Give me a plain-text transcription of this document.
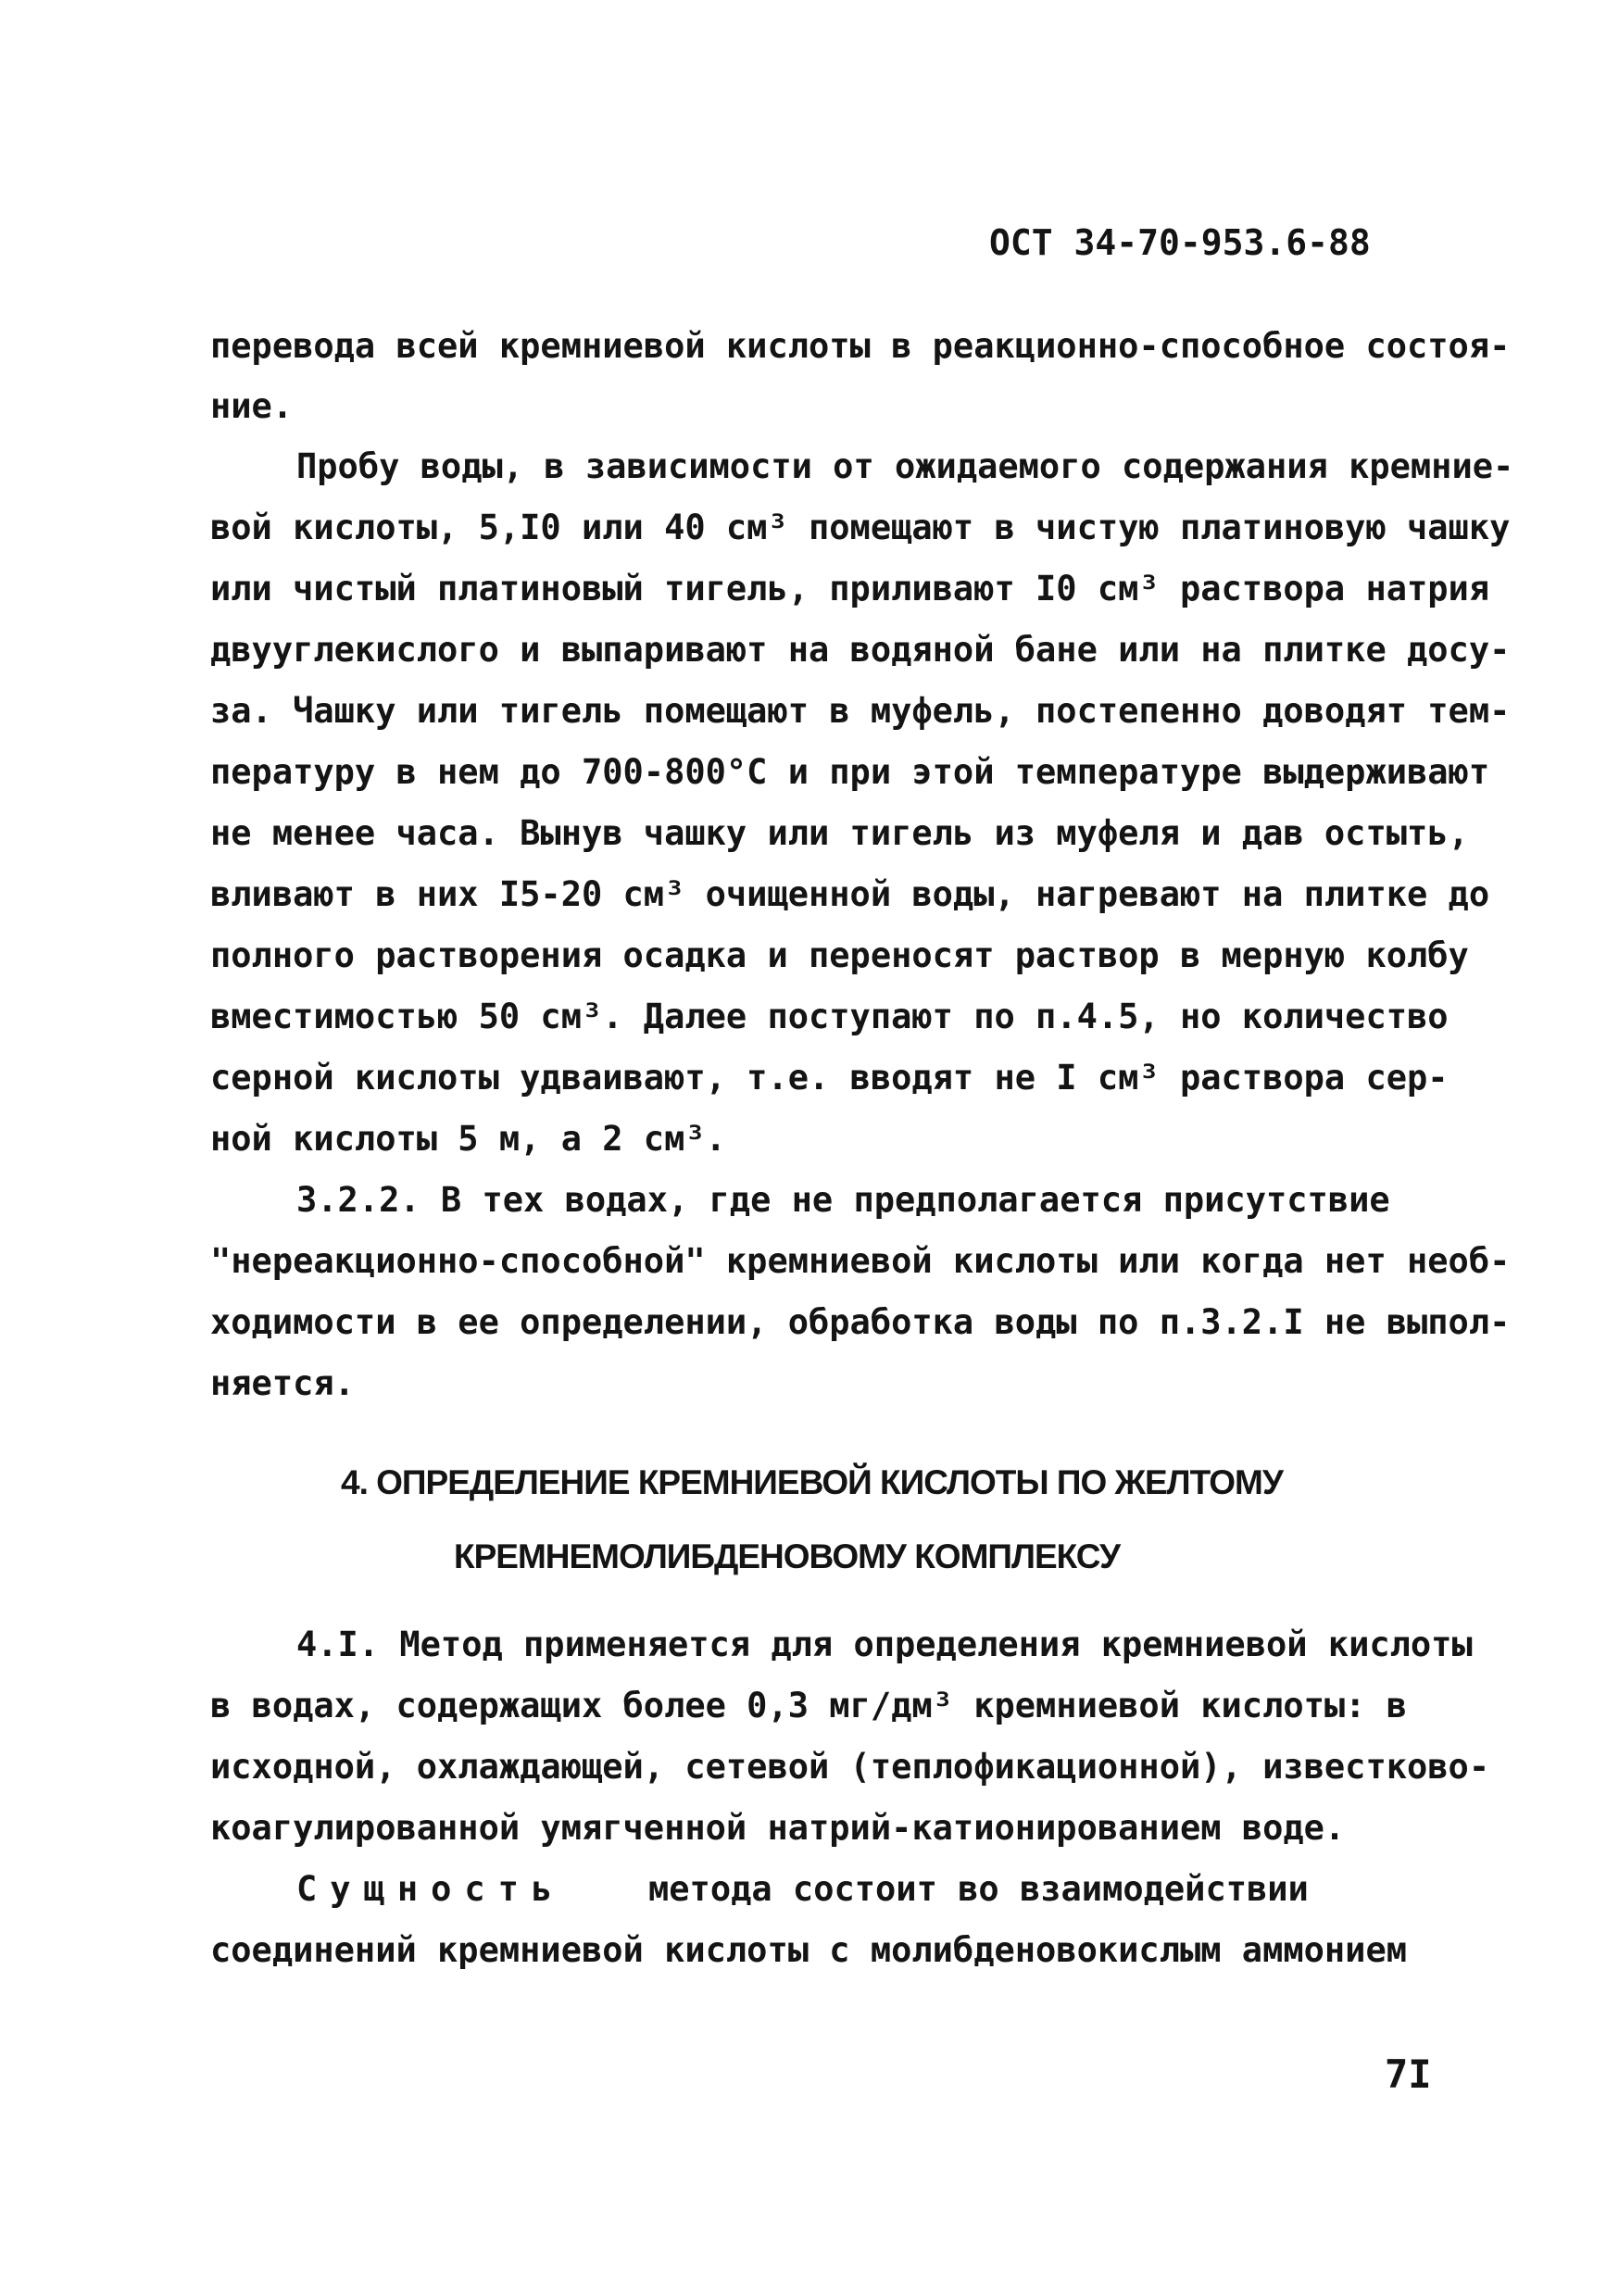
ОСТ 34-70-953.6-88
перевода всей кремниевой кислоты в реакционно-способное состоя-
ние.
Пробу воды, в зависимости от ожидаемого содержания кремние-
вой кислоты, 5,I0 или 40 см³ помещают в чистую платиновую чашку
или чистый платиновый тигель, приливают I0 см³ раствора натрия
двууглекислого и выпаривают на водяной бане или на плитке досу-
за. Чашку или тигель помещают в муфель, постепенно доводят тем-
пературу в нем до 700-800°С и при этой температуре выдерживают
не менее часа. Вынув чашку или тигель из муфеля и дав остыть,
вливают в них I5-20 см³ очищенной воды, нагревают на плитке до
полного растворения осадка и переносят раствор в мерную колбу
вместимостью 50 см³. Далее поступают по п.4.5, но количество
серной кислоты удваивают, т.е. вводят не I см³ раствора сер-
ной кислоты 5 м, а 2 см³.
3.2.2. В тех водах, где не предполагается присутствие
"нереакционно-способной" кремниевой кислоты или когда нет необ-
ходимости в ее определении, обработка воды по п.3.2.I не выпол-
няется.
4. ОПРЕДЕЛЕНИЕ КРЕМНИЕВОЙ КИСЛОТЫ ПО ЖЕЛТОМУ
КРЕМНЕМОЛИБДЕНОВОМУ КОМПЛЕКСУ
4.I. Метод применяется для определения кремниевой кислоты
в водах, содержащих более 0,3 мг/дм³ кремниевой кислоты: в
исходной, охлаждающей, сетевой (теплофикационной), известково-
коагулированной умягченной натрий-катионированием воде.
Сущность методa состоит во взаимодействии
соединений кремниевой кислоты с молибденовокислым аммонием
7I
